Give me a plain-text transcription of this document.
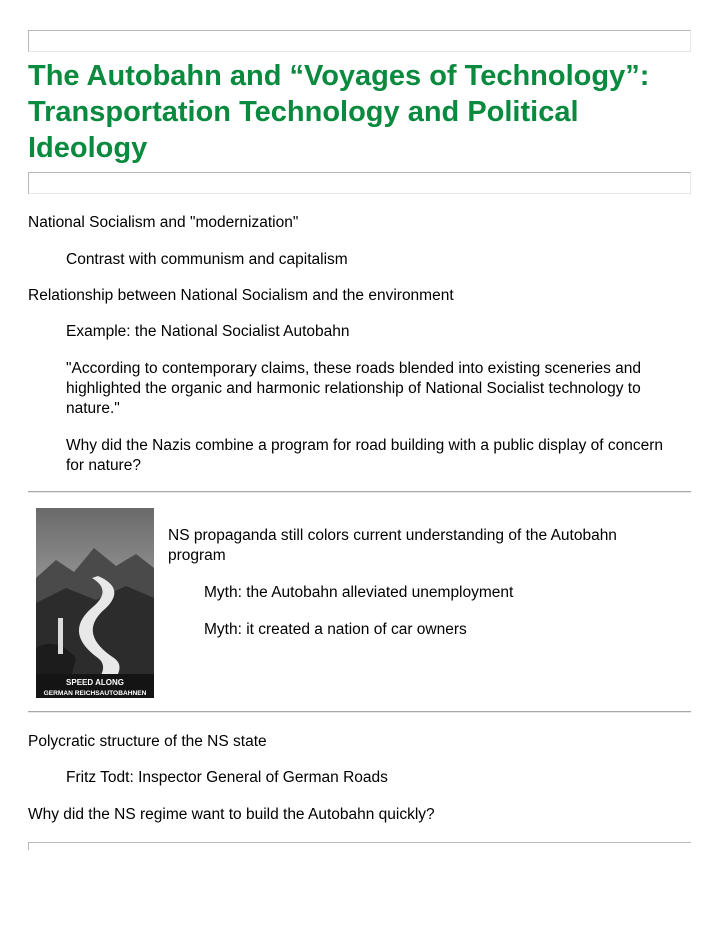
The Autobahn and “Voyages of Technology”: Transportation Technology and Political Ideology

National Socialism and "modernization"

Contrast with communism and capitalism

Relationship between National Socialism and the environment

Example: the National Socialist Autobahn

"According to contemporary claims, these roads blended into existing sceneries and highlighted the organic and harmonic relationship of National Socialist technology to nature."

Why did the Nazis combine a program for road building with a public display of concern for nature?

SPEED ALONG
GERMAN REICHSAUTOBAHNEN

NS propaganda still colors current understanding of the Autobahn program

Myth: the Autobahn alleviated unemployment

Myth: it created a nation of car owners

Polycratic structure of the NS state

Fritz Todt: Inspector General of German Roads

Why did the NS regime want to build the Autobahn quickly?
